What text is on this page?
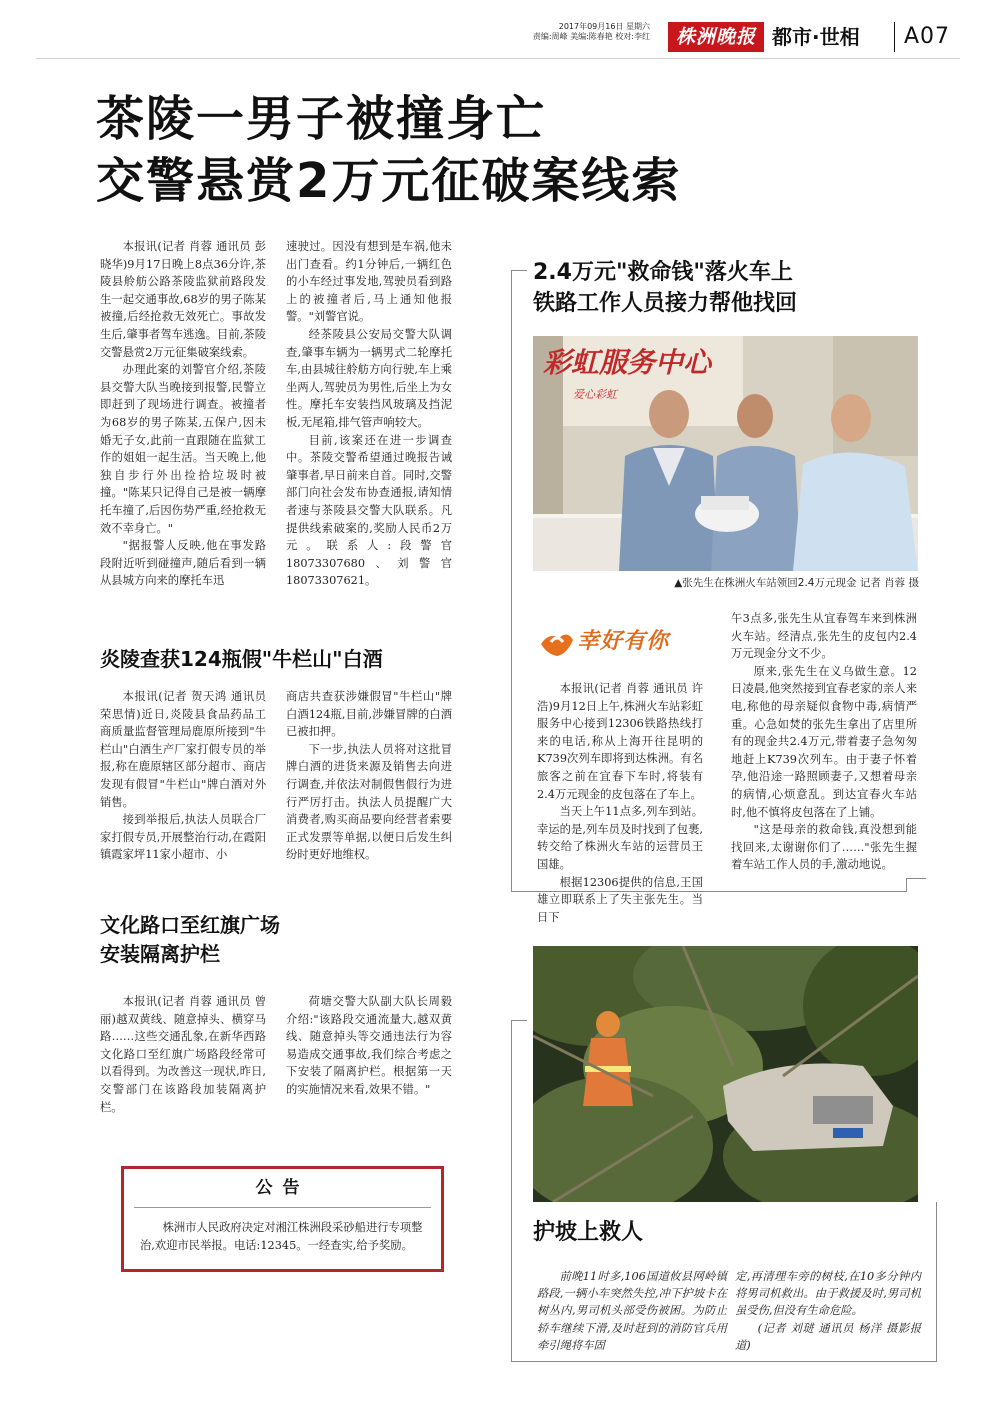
2017年09月16日 星期六
责编:周峰 美编:陈春艳 校对:李红	株洲晚报 都市·世相 A07
茶陵一男子被撞身亡
交警悬赏2万元征破案线索

本报讯(记者 肖蓉 通讯员 彭晓华)9月17日晚上8点36分许,茶陵县舲舫公路茶陵监狱前路段发生一起交通事故,68岁的男子陈某被撞,后经抢救无效死亡。事故发生后,肇事者驾车逃逸。目前,茶陵交警悬赏2万元征集破案线索。

办理此案的刘警官介绍,茶陵县交警大队当晚接到报警,民警立即赶到了现场进行调查。被撞者为68岁的男子陈某,五保户,因未婚无子女,此前一直跟随在监狱工作的姐姐一起生活。当天晚上,他独自步行外出捡拾垃圾时被撞。"陈某只记得自己是被一辆摩托车撞了,后因伤势严重,经抢救无效不幸身亡。"

"据报警人反映,他在事发路段附近听到碰撞声,随后看到一辆从县城方向来的摩托车迅

速驶过。因没有想到是车祸,他未出门查看。约1分钟后,一辆红色的小车经过事发地,驾驶员看到路上的被撞者后,马上通知他报警。"刘警官说。

经茶陵县公安局交警大队调查,肇事车辆为一辆男式二轮摩托车,由县城往舲舫方向行驶,车上乘坐两人,驾驶员为男性,后坐上为女性。摩托车安装挡风玻璃及挡泥板,无尾箱,排气管声响较大。

目前,该案还在进一步调查中。茶陵交警希望通过晚报告诫肇事者,早日前来自首。同时,交警部门向社会发布协查通报,请知情者速与茶陵县交警大队联系。凡提供线索破案的,奖励人民币2万元。联系人:段警官 18073307680、刘警官18073307621。

炎陵查获124瓶假"牛栏山"白酒

本报讯(记者 贺天鸿 通讯员 荣思情)近日,炎陵县食品药品工商质量监督管理局鹿原所接到"牛栏山"白酒生产厂家打假专员的举报,称在鹿原辖区部分超市、商店发现有假冒"牛栏山"牌白酒对外销售。

接到举报后,执法人员联合厂家打假专员,开展整治行动,在霞阳镇霞家坪11家小超市、小

商店共查获涉嫌假冒"牛栏山"牌白酒124瓶,目前,涉嫌冒牌的白酒已被扣押。

下一步,执法人员将对这批冒牌白酒的进货来源及销售去向进行调查,并依法对制假售假行为进行严厉打击。执法人员提醒广大消费者,购买商品要向经营者索要正式发票等单据,以便日后发生纠纷时更好地维权。

文化路口至红旗广场
安装隔离护栏

本报讯(记者 肖蓉 通讯员 曾丽)越双黄线、随意掉头、横穿马路……这些交通乱象,在新华西路文化路口至红旗广场路段经常可以看得到。为改善这一现状,昨日,交警部门在该路段加装隔离护栏。

荷塘交警大队副大队长周毅介绍:"该路段交通流量大,越双黄线、随意掉头等交通违法行为容易造成交通事故,我们综合考虑之下安装了隔离护栏。根据第一天的实施情况来看,效果不错。"

公告
株洲市人民政府决定对湘江株洲段采砂船进行专项整治,欢迎市民举报。电话:12345。一经查实,给予奖励。
2.4万元"救命钱"落火车上
铁路工作人员接力帮他找回
彩虹服务中心
爱心彩虹
▲张先生在株洲火车站领回2.4万元现金 记者 肖蓉 摄
幸好有你

本报讯(记者 肖蓉 通讯员 许浩)9月12日上午,株洲火车站彩虹服务中心接到12306铁路热线打来的电话,称从上海开往昆明的K739次列车即将到达株洲。有名旅客之前在宜春下车时,将装有2.4万元现金的皮包落在了车上。

当天上午11点多,列车到站。幸运的是,列车员及时找到了包裹,转交给了株洲火车站的运营员王国雄。

根据12306提供的信息,王国雄立即联系上了失主张先生。当日下

午3点多,张先生从宜春驾车来到株洲火车站。经清点,张先生的皮包内2.4万元现金分文不少。

原来,张先生在义乌做生意。12日凌晨,他突然接到宜春老家的亲人来电,称他的母亲疑似食物中毒,病情严重。心急如焚的张先生拿出了店里所有的现金共2.4万元,带着妻子急匆匆地赶上K739次列车。由于妻子怀着孕,他沿途一路照顾妻子,又想着母亲的病情,心烦意乱。到达宜春火车站时,他不慎将皮包落在了上铺。

"这是母亲的救命钱,真没想到能找回来,太谢谢你们了……"张先生握着车站工作人员的手,激动地说。

护坡上救人

前晚11时多,106国道攸县网岭镇路段,一辆小车突然失控,冲下护坡卡在树丛内,男司机头部受伤被困。为防止轿车继续下滑,及时赶到的消防官兵用牵引绳将车固

定,再清理车旁的树枝,在10多分钟内将男司机救出。由于救援及时,男司机虽受伤,但没有生命危险。

(记者 刘琎 通讯员 杨洋 摄影报道)
